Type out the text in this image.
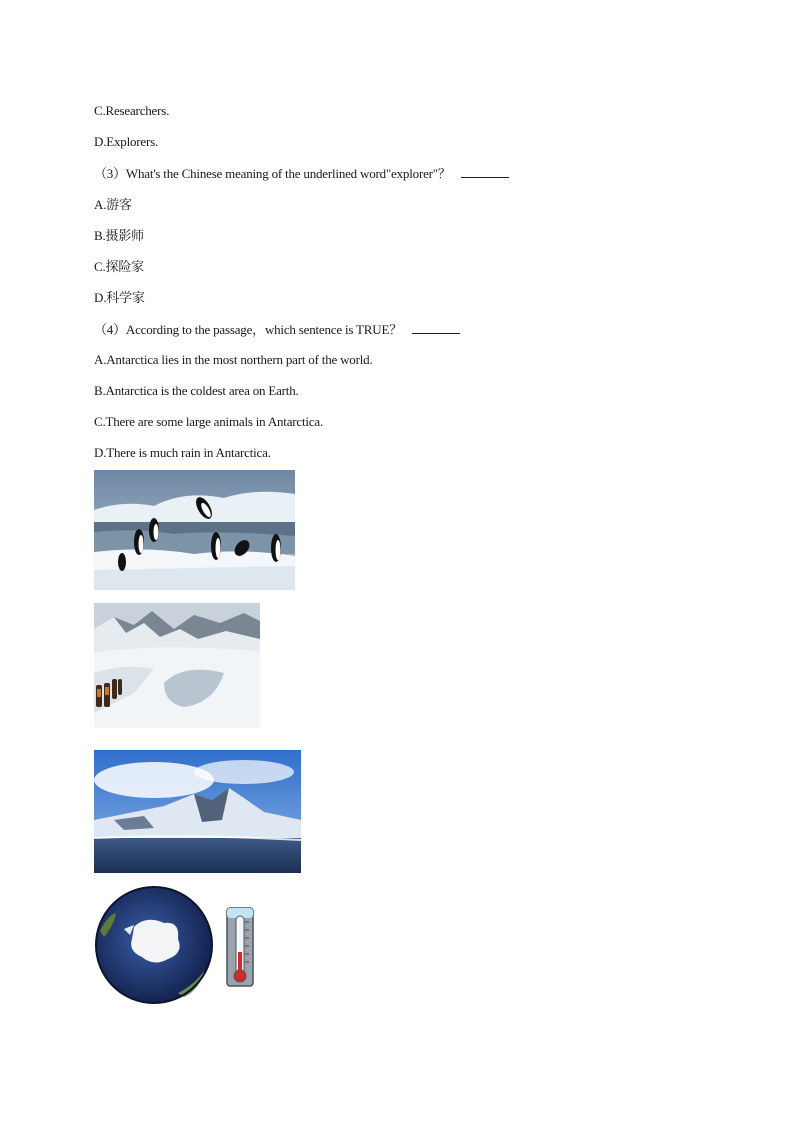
C.Researchers.
D.Explorers.
（3）What's the Chinese meaning of the underlined word"explorer"？
A.游客
B.摄影师
C.探险家
D.科学家
（4）According to the passage，which sentence is TRUE？
A.Antarctica lies in the most northern part of the world.
B.Antarctica is the coldest area on Earth.
C.There are some large animals in Antarctica.
D.There is much rain in Antarctica.
